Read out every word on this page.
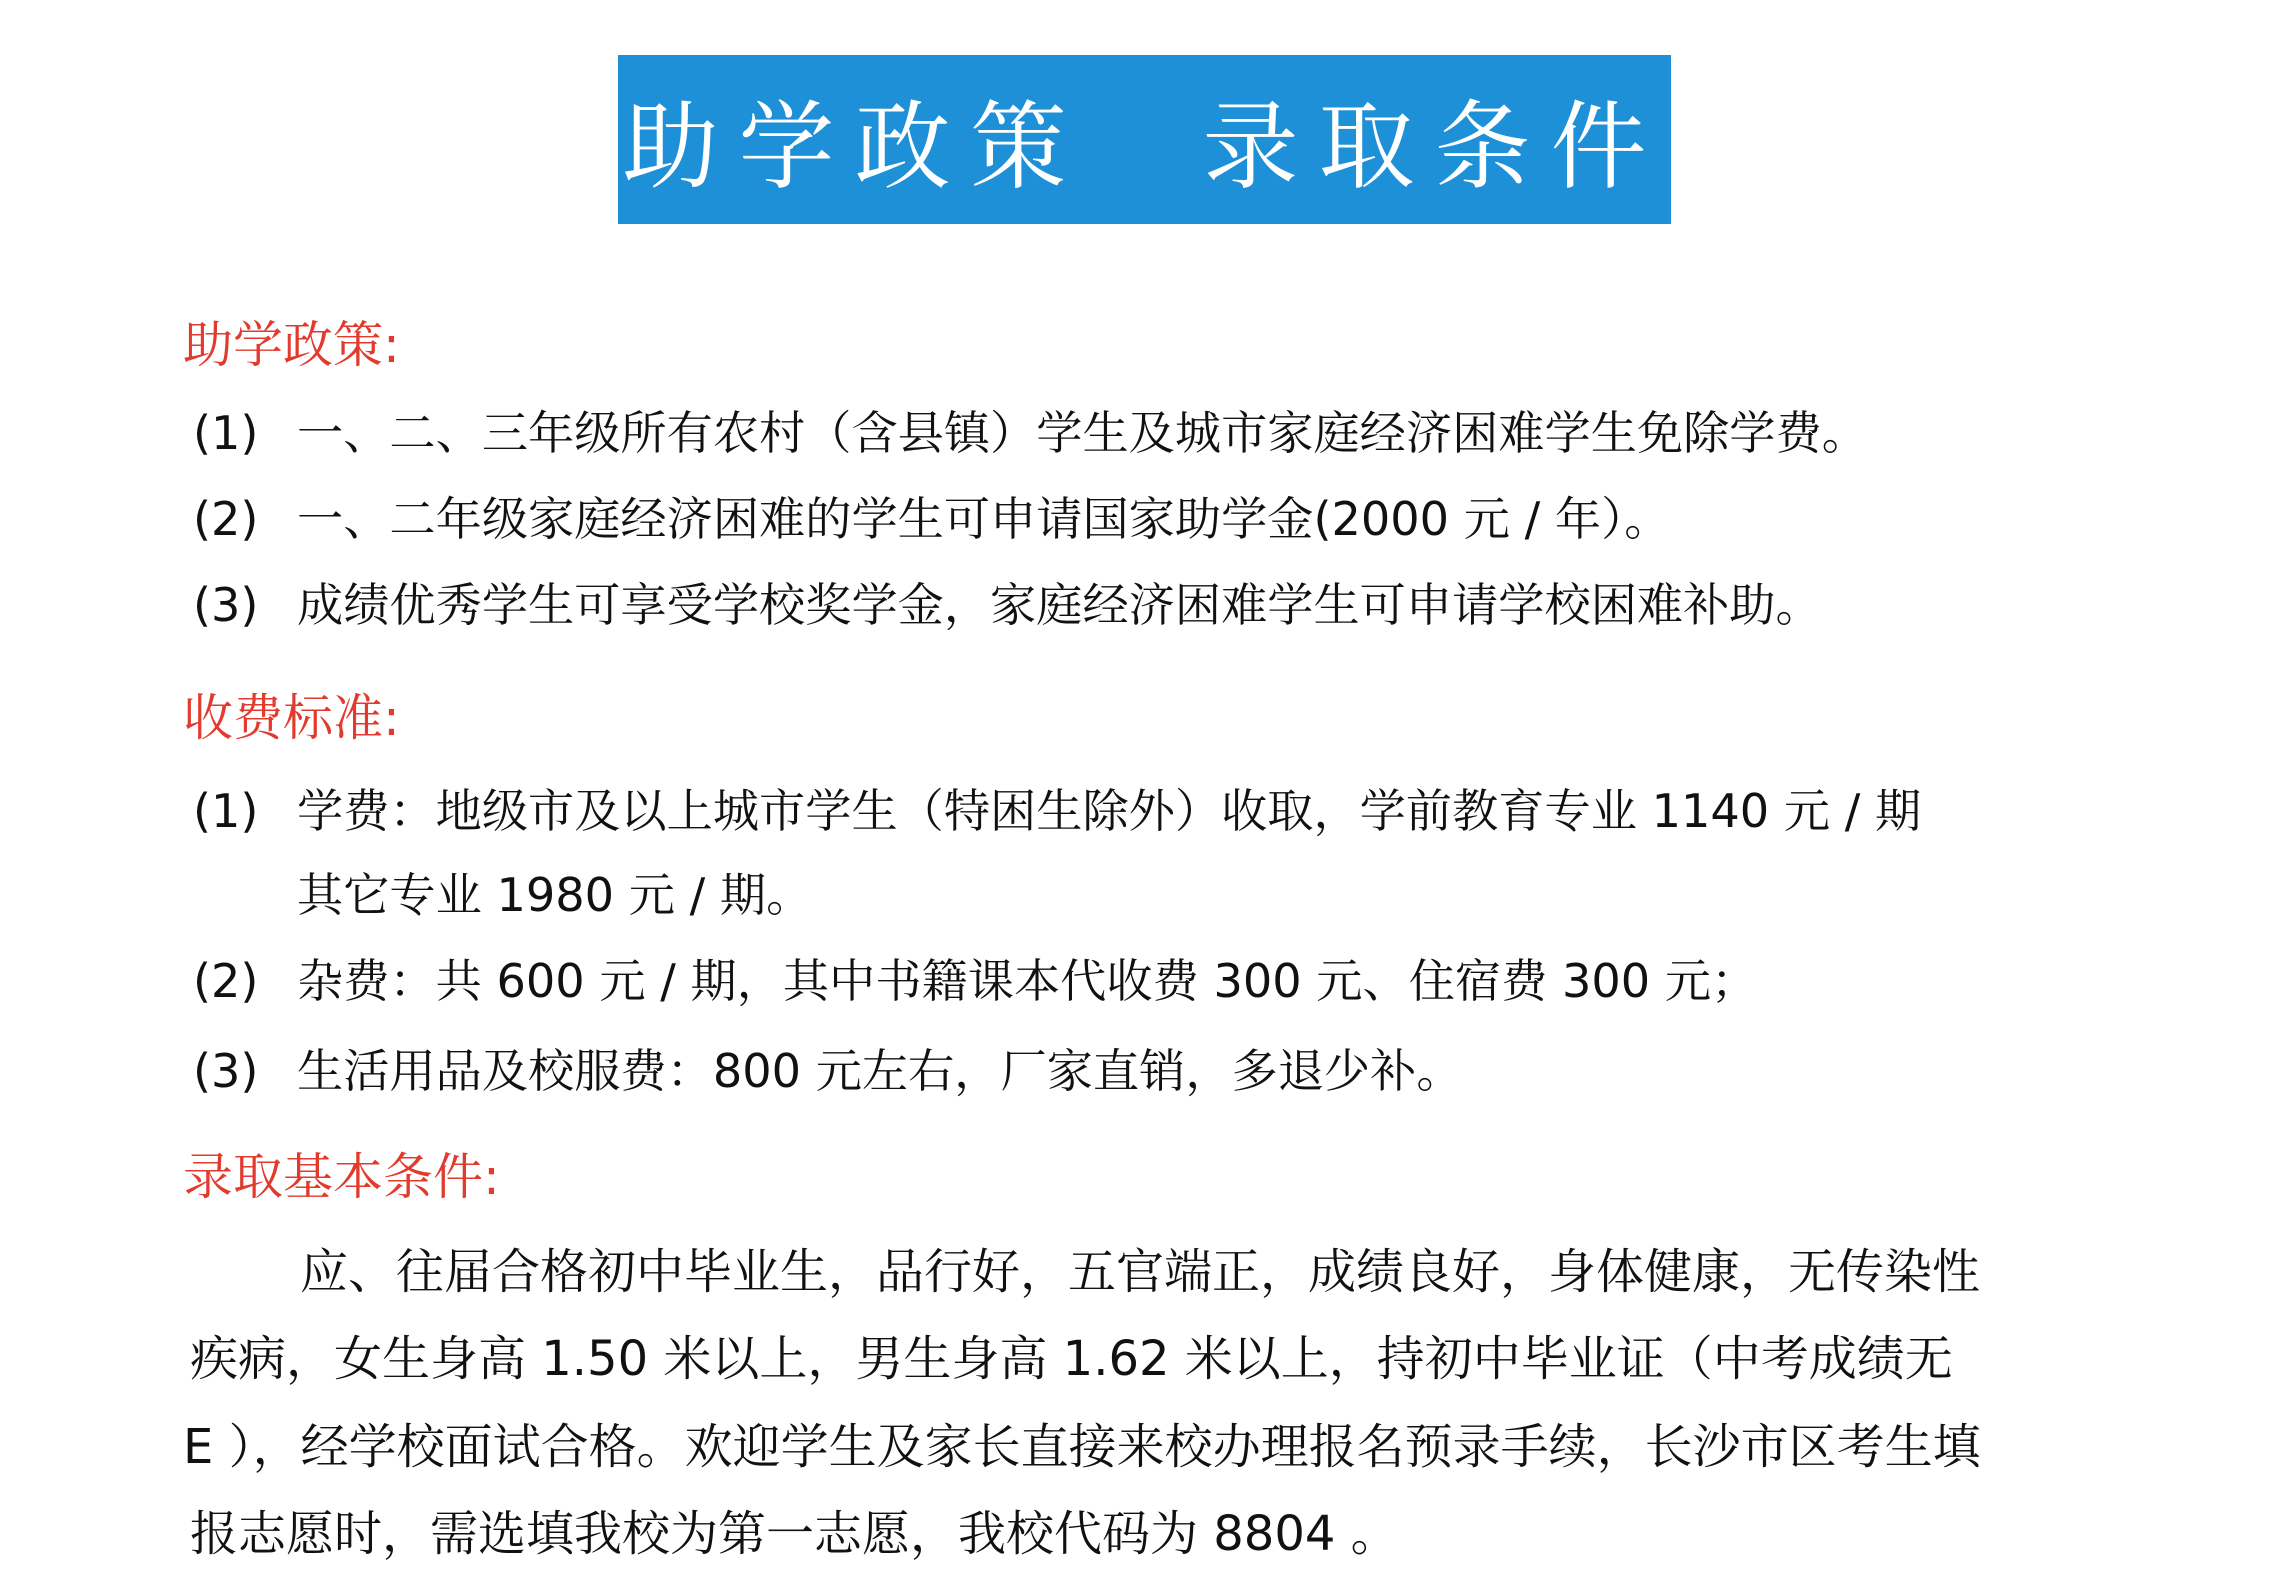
助学政策　录取条件
助学政策:
(1) 一、二、三年级所有农村（含县镇）学生及城市家庭经济困难学生免除学费。
(2) 一、二年级家庭经济困难的学生可申请国家助学金(2000 元 / 年）。
(3) 成绩优秀学生可享受学校奖学金，家庭经济困难学生可申请学校困难补助。
收费标准:
(1) 学费：地级市及以上城市学生（特困生除外）收取，学前教育专业 1140 元 / 期
其它专业 1980 元 / 期。
(2) 杂费：共 600 元 / 期，其中书籍课本代收费 300 元、住宿费 300 元；
(3) 生活用品及校服费：800 元左右，厂家直销，多退少补。
录取基本条件:
应、往届合格初中毕业生，品行好，五官端正，成绩良好，身体健康，无传染性
疾病，女生身高 1.50 米以上，男生身高 1.62 米以上，持初中毕业证（中考成绩无
E ），经学校面试合格。欢迎学生及家长直接来校办理报名预录手续，长沙市区考生填
报志愿时，需选填我校为第一志愿，我校代码为 8804 。
